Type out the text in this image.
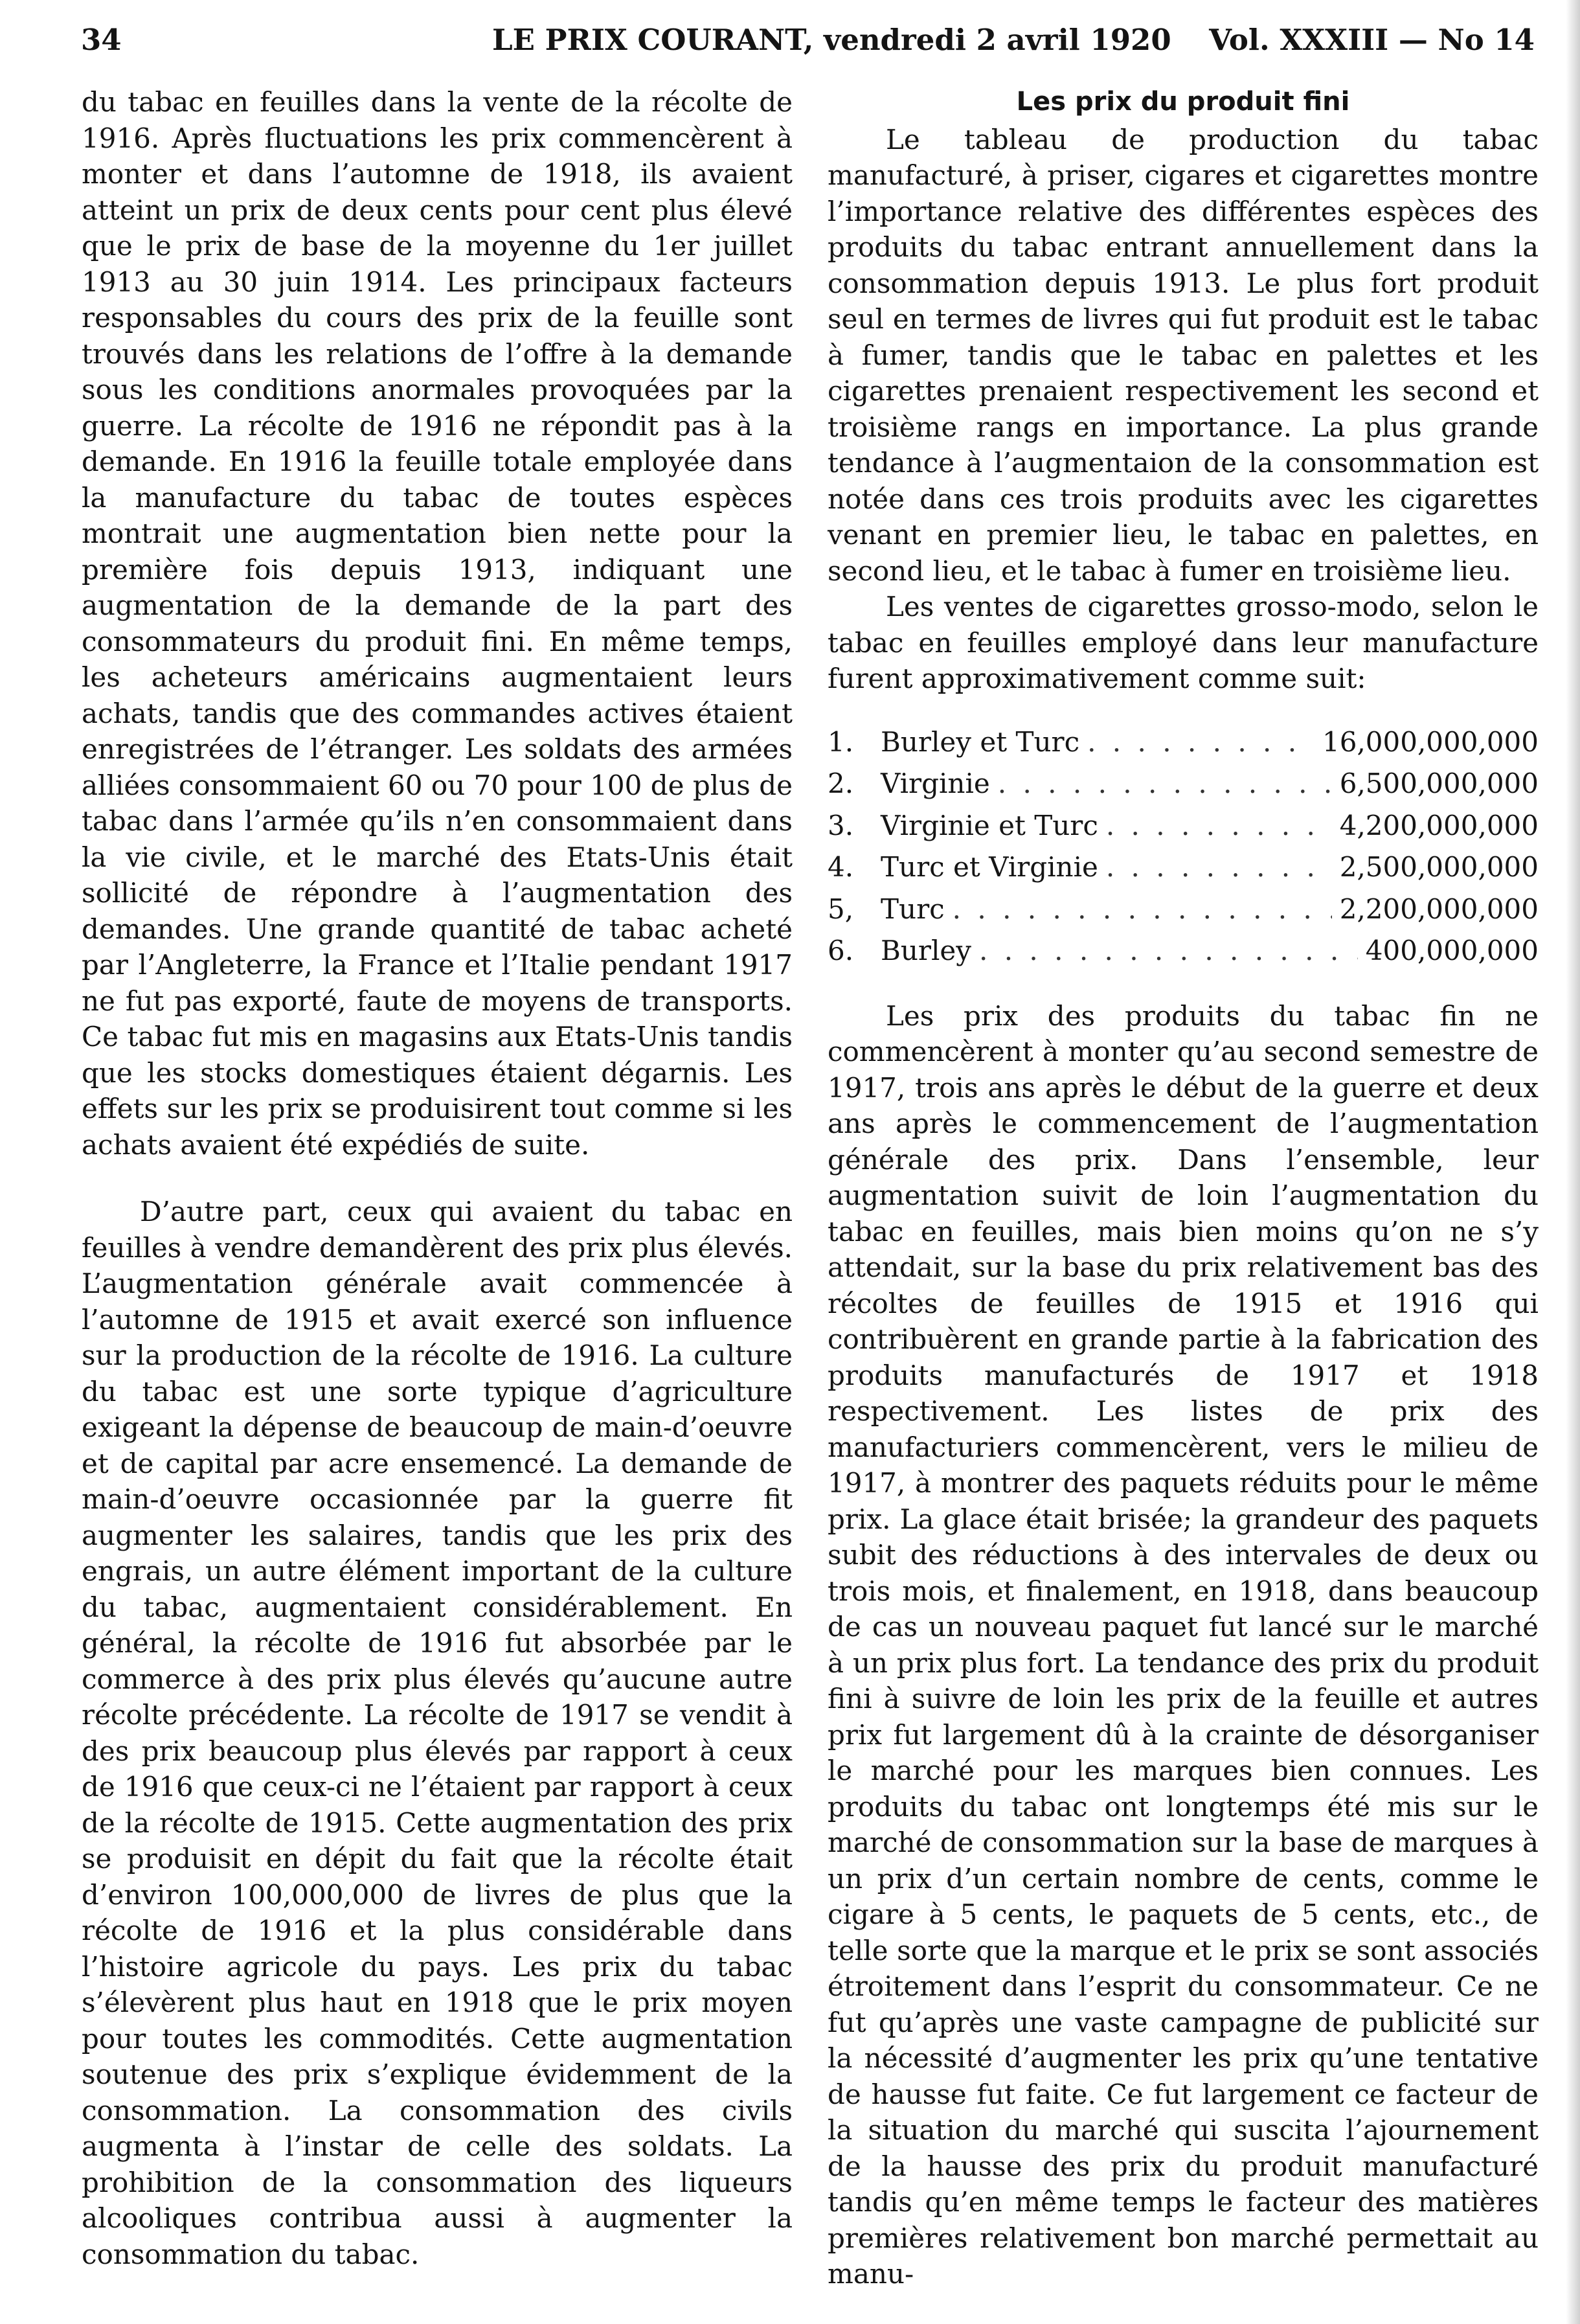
34	LE PRIX COURANT, vendredi 2 avril 1920 Vol. XXXIII — No 14

du tabac en feuilles dans la vente de la récolte de 1916. Après fluctuations les prix commencèrent à monter et dans l’automne de 1918, ils avaient atteint un prix de deux cents pour cent plus élevé que le prix de base de la moyenne du 1er juillet 1913 au 30 juin 1914. Les principaux facteurs responsables du cours des prix de la feuille sont trouvés dans les relations de l’offre à la demande sous les conditions anormales provoquées par la guerre. La récolte de 1916 ne répondit pas à la demande. En 1916 la feuille totale employée dans la manufacture du tabac de toutes espèces montrait une augmentation bien nette pour la première fois depuis 1913, indiquant une augmentation de la demande de la part des consommateurs du produit fini. En même temps, les acheteurs américains augmentaient leurs achats, tandis que des commandes actives étaient enregistrées de l’étranger. Les soldats des armées alliées consommaient 60 ou 70 pour 100 de plus de tabac dans l’armée qu’ils n’en consommaient dans la vie civile, et le marché des Etats-Unis était sollicité de répondre à l’augmentation des demandes. Une grande quantité de tabac acheté par l’Angleterre, la France et l’Italie pendant 1917 ne fut pas exporté, faute de moyens de transports. Ce tabac fut mis en magasins aux Etats-Unis tandis que les stocks domestiques étaient dégarnis. Les effets sur les prix se produisirent tout comme si les achats avaient été expédiés de suite.

D’autre part, ceux qui avaient du tabac en feuilles à vendre demandèrent des prix plus élevés. L’augmentation générale avait commencée à l’automne de 1915 et avait exercé son influence sur la production de la récolte de 1916. La culture du tabac est une sorte typique d’agriculture exigeant la dépense de beaucoup de main-d’oeuvre et de capital par acre ensemencé. La demande de main-d’oeuvre occasionnée par la guerre fit augmenter les salaires, tandis que les prix des engrais, un autre élément important de la culture du tabac, augmentaient considérablement. En général, la récolte de 1916 fut absorbée par le commerce à des prix plus élevés qu’aucune autre récolte précédente. La récolte de 1917 se vendit à des prix beaucoup plus élevés par rapport à ceux de 1916 que ceux-ci ne l’étaient par rapport à ceux de la récolte de 1915. Cette augmentation des prix se produisit en dépit du fait que la récolte était d’environ 100,000,000 de livres de plus que la récolte de 1916 et la plus considérable dans l’histoire agricole du pays. Les prix du tabac s’élevèrent plus haut en 1918 que le prix moyen pour toutes les commodités. Cette augmentation soutenue des prix s’explique évidemment de la consommation. La consommation des civils augmenta à l’instar de celle des soldats. La prohibition de la consommation des liqueurs alcooliques contribua aussi à augmenter la consommation du tabac.

Les prix du produit fini

Le tableau de production du tabac manufacturé, à priser, cigares et cigarettes montre l’importance relative des différentes espèces des produits du tabac entrant annuellement dans la consommation depuis 1913. Le plus fort produit seul en termes de livres qui fut produit est le tabac à fumer, tandis que le tabac en palettes et les cigarettes prenaient respectivement les second et troisième rangs en importance. La plus grande tendance à l’augmentaion de la consommation est notée dans ces trois produits avec les cigarettes venant en premier lieu, le tabac en palettes, en second lieu, et le tabac à fumer en troisième lieu.

Les ventes de cigarettes grosso-modo, selon le tabac en feuilles employé dans leur manufacture furent approximativement comme suit:

1. Burley et Turc . . .	16,000,000,000
2. Virginie . . .	6,500,000,000
3. Virginie et Turc . . .	4,200,000,000
4. Turc et Virginie . . .	2,500,000,000
5, Turc . . .	2,200,000,000
6. Burley . . .	400,000,000

Les prix des produits du tabac fin ne commencèrent à monter qu’au second semestre de 1917, trois ans après le début de la guerre et deux ans après le commencement de l’augmentation générale des prix. Dans l’ensemble, leur augmentation suivit de loin l’augmentation du tabac en feuilles, mais bien moins qu’on ne s’y attendait, sur la base du prix relativement bas des récoltes de feuilles de 1915 et 1916 qui contribuèrent en grande partie à la fabrication des produits manufacturés de 1917 et 1918 respectivement. Les listes de prix des manufacturiers commencèrent, vers le milieu de 1917, à montrer des paquets réduits pour le même prix. La glace était brisée; la grandeur des paquets subit des réductions à des intervales de deux ou trois mois, et finalement, en 1918, dans beaucoup de cas un nouveau paquet fut lancé sur le marché à un prix plus fort. La tendance des prix du produit fini à suivre de loin les prix de la feuille et autres prix fut largement dû à la crainte de désorganiser le marché pour les marques bien connues. Les produits du tabac ont longtemps été mis sur le marché de consommation sur la base de marques à un prix d’un certain nombre de cents, comme le cigare à 5 cents, le paquets de 5 cents, etc., de telle sorte que la marque et le prix se sont associés étroitement dans l’esprit du consommateur. Ce ne fut qu’après une vaste campagne de publicité sur la nécessité d’augmenter les prix qu’une tentative de hausse fut faite. Ce fut largement ce facteur de la situation du marché qui suscita l’ajournement de la hausse des prix du produit manufacturé tandis qu’en même temps le facteur des matières premières relativement bon marché permettait au manu-
